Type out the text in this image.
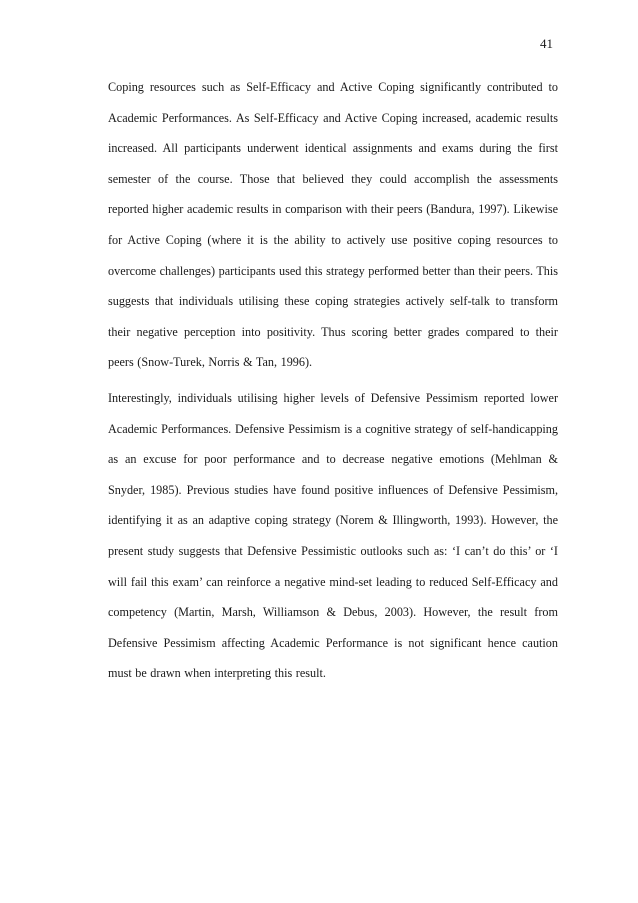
41

Coping resources such as Self-Efficacy and Active Coping significantly contributed to Academic Performances. As Self-Efficacy and Active Coping increased, academic results increased. All participants underwent identical assignments and exams during the first semester of the course. Those that believed they could accomplish the assessments reported higher academic results in comparison with their peers (Bandura, 1997). Likewise for Active Coping (where it is the ability to actively use positive coping resources to overcome challenges) participants used this strategy performed better than their peers. This suggests that individuals utilising these coping strategies actively self-talk to transform their negative perception into positivity. Thus scoring better grades compared to their peers (Snow-Turek, Norris & Tan, 1996).

Interestingly, individuals utilising higher levels of Defensive Pessimism reported lower Academic Performances. Defensive Pessimism is a cognitive strategy of self-handicapping as an excuse for poor performance and to decrease negative emotions (Mehlman & Snyder, 1985). Previous studies have found positive influences of Defensive Pessimism, identifying it as an adaptive coping strategy (Norem & Illingworth, 1993). However, the present study suggests that Defensive Pessimistic outlooks such as: ‘I can’t do this’ or ‘I will fail this exam’ can reinforce a negative mind-set leading to reduced Self-Efficacy and competency (Martin, Marsh, Williamson & Debus, 2003). However, the result from Defensive Pessimism affecting Academic Performance is not significant hence caution must be drawn when interpreting this result.
